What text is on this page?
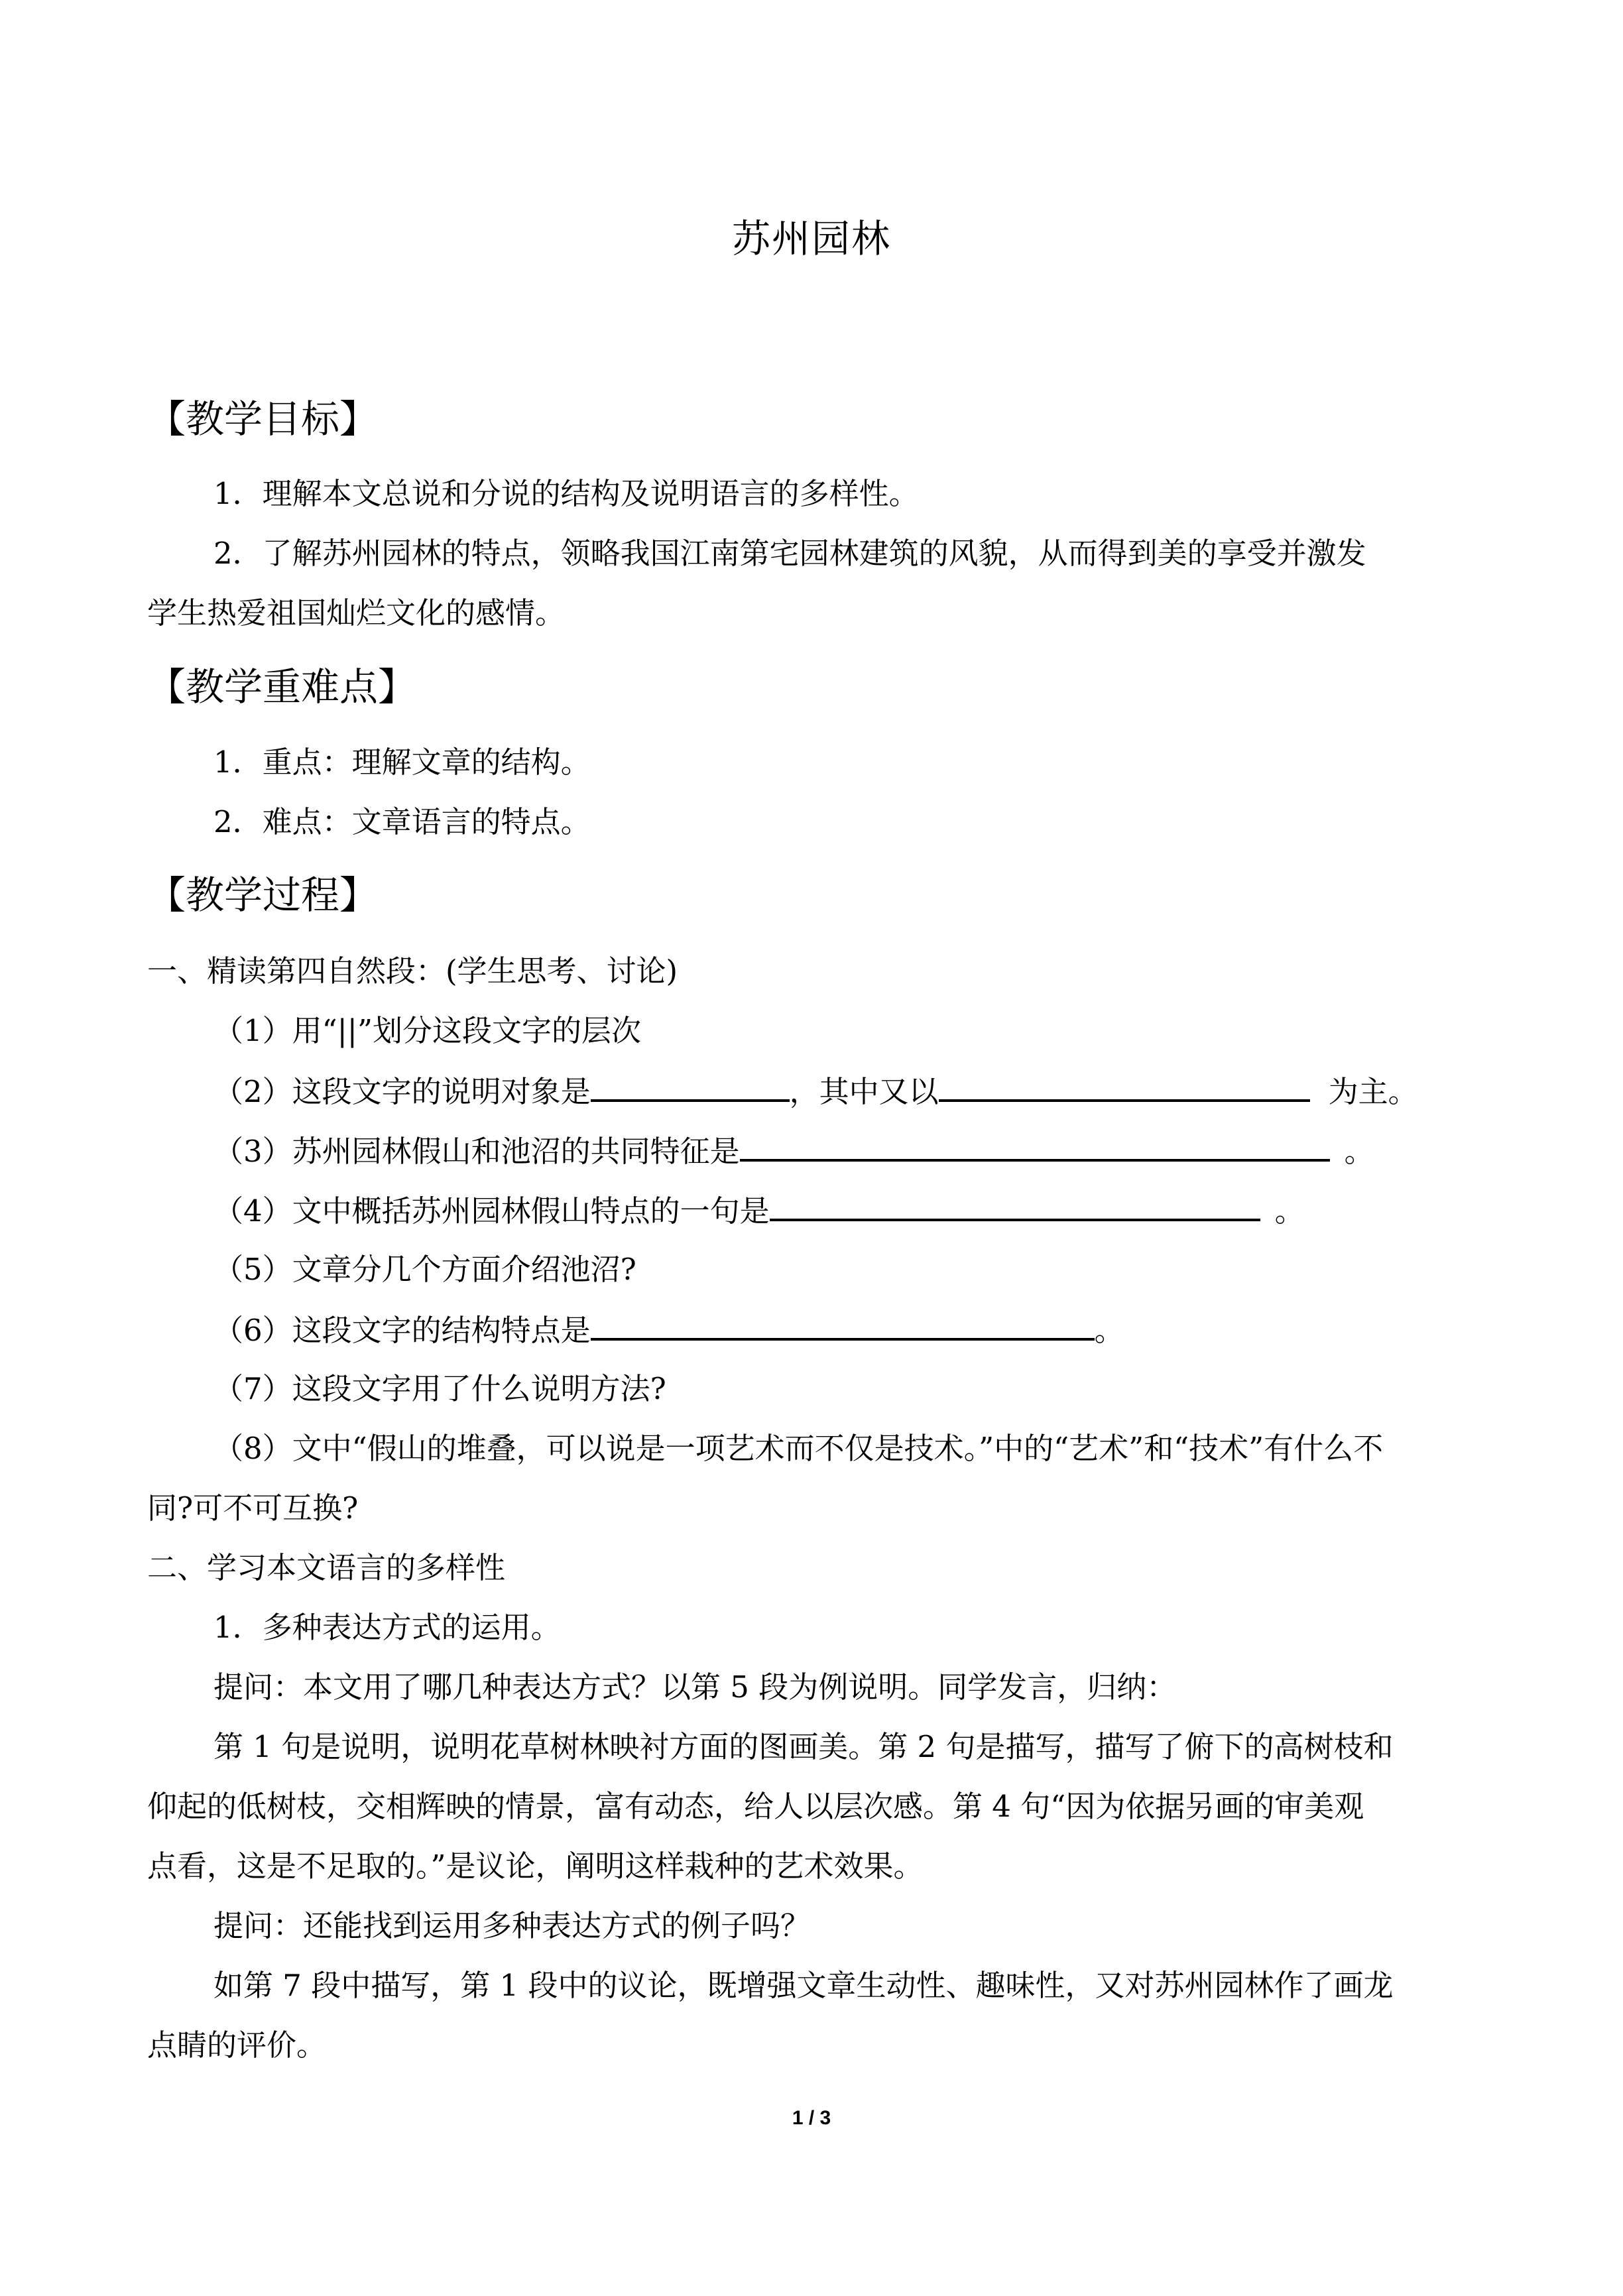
苏州园林
【教学目标】
1．理解本文总说和分说的结构及说明语言的多样性。
2．了解苏州园林的特点，领略我国江南第宅园林建筑的风貌，从而得到美的享受并激发
学生热爱祖国灿烂文化的感情。
【教学重难点】
1．重点：理解文章的结构。
2．难点：文章语言的特点。
【教学过程】
一、精读第四自然段：(学生思考、讨论)
（1）用“||”划分这段文字的层次
（2）这段文字的说明对象是	，其中又以	为主。
（3）苏州园林假山和池沼的共同特征是	。
（4）文中概括苏州园林假山特点的一句是	。
（5）文章分几个方面介绍池沼?
（6）这段文字的结构特点是	。
（7）这段文字用了什么说明方法?
（8）文中“假山的堆叠，可以说是一项艺术而不仅是技术。”中的“艺术”和“技术”有什么不
同?可不可互换?
二、学习本文语言的多样性
1．多种表达方式的运用。
提问：本文用了哪几种表达方式？以第 5 段为例说明。同学发言，归纳：
第 1 句是说明，说明花草树林映衬方面的图画美。第 2 句是描写，描写了俯下的高树枝和
仰起的低树枝，交相辉映的情景，富有动态，给人以层次感。第 4 句“因为依据另画的审美观
点看，这是不足取的。”是议论，阐明这样栽种的艺术效果。
提问：还能找到运用多种表达方式的例子吗？
如第 7 段中描写，第 1 段中的议论，既增强文章生动性、趣味性，又对苏州园林作了画龙
点睛的评价。
1 / 3
